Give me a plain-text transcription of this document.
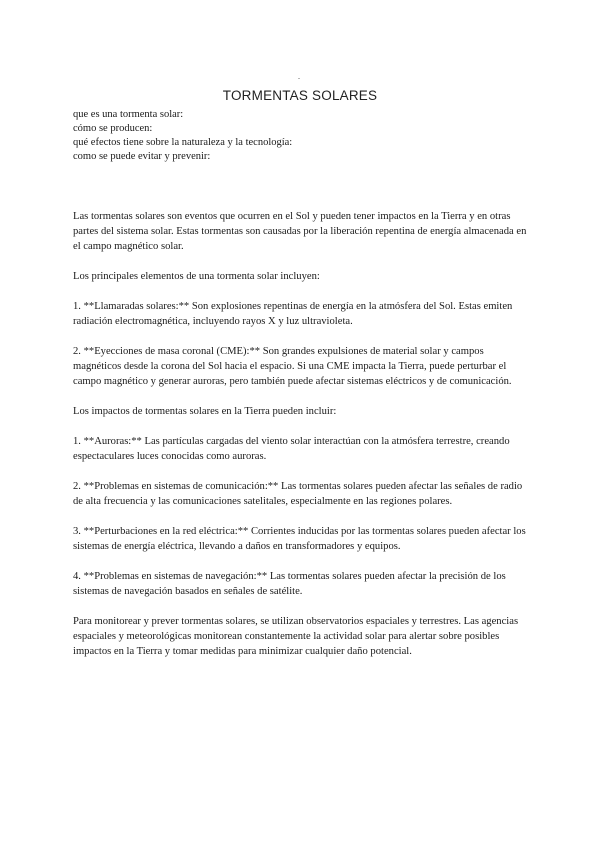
.
TORMENTAS SOLARES
que es una tormenta solar:
cómo se producen:
qué efectos tiene sobre la naturaleza y la tecnología:
como se puede evitar y prevenir:

Las tormentas solares son eventos que ocurren en el Sol y pueden tener impactos en la Tierra y en otras partes del sistema solar. Estas tormentas son causadas por la liberación repentina de energía almacenada en el campo magnético solar.

Los principales elementos de una tormenta solar incluyen:

1. **Llamaradas solares:** Son explosiones repentinas de energía en la atmósfera del Sol. Estas emiten radiación electromagnética, incluyendo rayos X y luz ultravioleta.

2. **Eyecciones de masa coronal (CME):** Son grandes expulsiones de material solar y campos magnéticos desde la corona del Sol hacia el espacio. Si una CME impacta la Tierra, puede perturbar el campo magnético y generar auroras, pero también puede afectar sistemas eléctricos y de comunicación.

Los impactos de tormentas solares en la Tierra pueden incluir:

1. **Auroras:** Las partículas cargadas del viento solar interactúan con la atmósfera terrestre, creando espectaculares luces conocidas como auroras.

2. **Problemas en sistemas de comunicación:** Las tormentas solares pueden afectar las señales de radio de alta frecuencia y las comunicaciones satelitales, especialmente en las regiones polares.

3. **Perturbaciones en la red eléctrica:** Corrientes inducidas por las tormentas solares pueden afectar los sistemas de energía eléctrica, llevando a daños en transformadores y equipos.

4. **Problemas en sistemas de navegación:** Las tormentas solares pueden afectar la precisión de los sistemas de navegación basados en señales de satélite.

Para monitorear y prever tormentas solares, se utilizan observatorios espaciales y terrestres. Las agencias espaciales y meteorológicas monitorean constantemente la actividad solar para alertar sobre posibles impactos en la Tierra y tomar medidas para minimizar cualquier daño potencial.
